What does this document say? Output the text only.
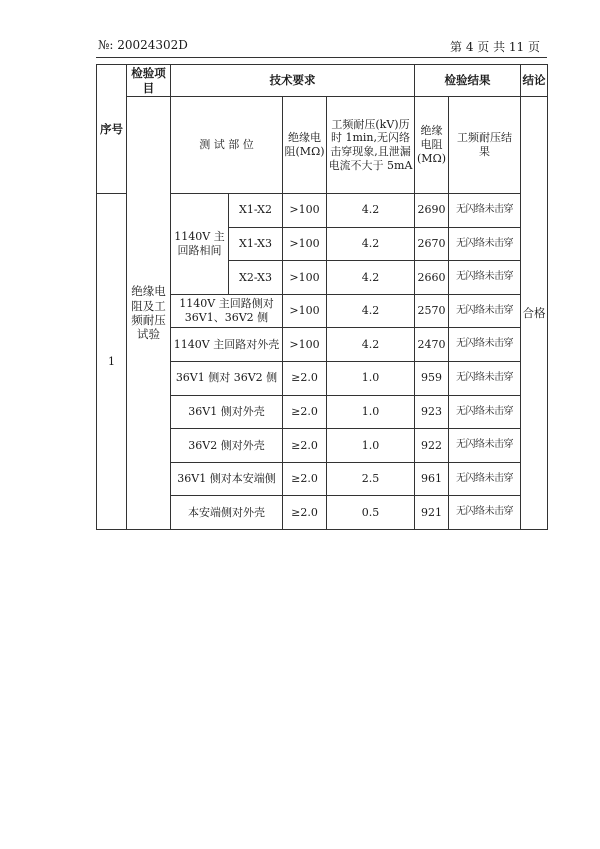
№: 20024302D	第 4 页 共 11 页
序号	检验项目	技术要求				检验结果		结论
	绝缘电阻及工频耐压试验	测 试 部 位		绝缘电阻(MΩ)	工频耐压(kV)历时 1min,无闪络击穿现象,且泄漏电流不大于 5mA	绝缘电阻(MΩ)	工频耐压结 果	合格
1		1140V 主回路相间	X1-X2	>100	4.2	2690	无闪络未击穿	
			X1-X3	>100	4.2	2670	无闪络未击穿	
			X2-X3	>100	4.2	2660	无闪络未击穿	
		1140V 主回路侧对 36V1、36V2 侧		>100	4.2	2570	无闪络未击穿	
		1140V 主回路对外壳		>100	4.2	2470	无闪络未击穿	
		36V1 侧对 36V2 侧		≥2.0	1.0	959	无闪络未击穿	
		36V1 侧对外壳		≥2.0	1.0	923	无闪络未击穿	
		36V2 侧对外壳		≥2.0	1.0	922	无闪络未击穿	
		36V1 侧对本安端侧		≥2.0	2.5	961	无闪络未击穿	
		本安端侧对外壳		≥2.0	0.5	921	无闪络未击穿	
